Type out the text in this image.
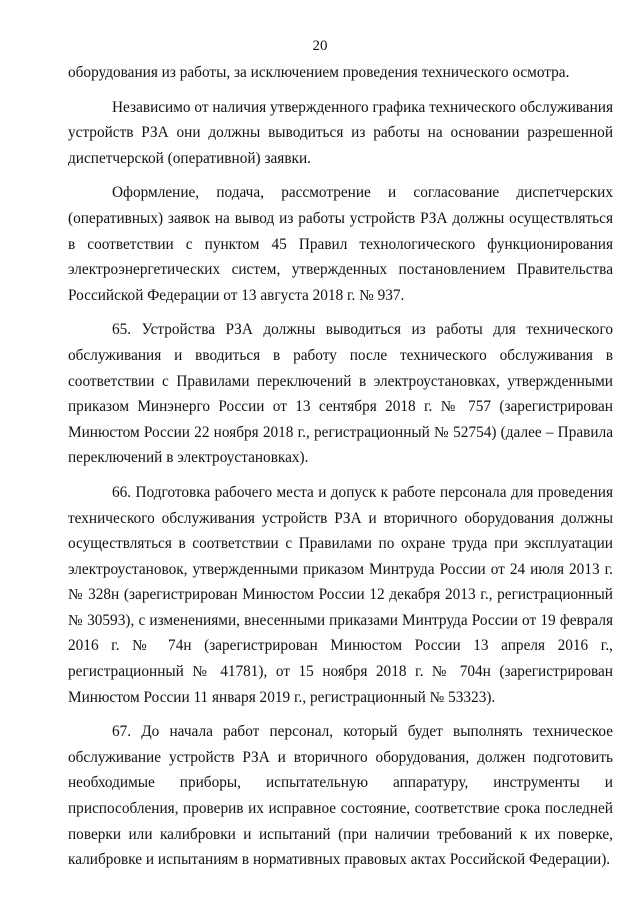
20

оборудования из работы, за исключением проведения технического осмотра.

Независимо от наличия утвержденного графика технического обслуживания устройств РЗА они должны выводиться из работы на основании разрешенной диспетчерской (оперативной) заявки.

Оформление, подача, рассмотрение и согласование диспетчерских (оперативных) заявок на вывод из работы устройств РЗА должны осуществляться в соответствии с пунктом 45 Правил технологического функционирования электроэнергетических систем, утвержденных постановлением Правительства Российской Федерации от 13 августа 2018 г. № 937.

65. Устройства РЗА должны выводиться из работы для технического обслуживания и вводиться в работу после технического обслуживания в соответствии с Правилами переключений в электроустановках, утвержденными приказом Минэнерго России от 13 сентября 2018 г. № 757 (зарегистрирован Минюстом России 22 ноября 2018 г., регистрационный № 52754) (далее – Правила переключений в электроустановках).

66. Подготовка рабочего места и допуск к работе персонала для проведения технического обслуживания устройств РЗА и вторичного оборудования должны осуществляться в соответствии с Правилами по охране труда при эксплуатации электроустановок, утвержденными приказом Минтруда России от 24 июля 2013 г. № 328н (зарегистрирован Минюстом России 12 декабря 2013 г., регистрационный № 30593), с изменениями, внесенными приказами Минтруда России от 19 февраля 2016 г. № 74н (зарегистрирован Минюстом России 13 апреля 2016 г., регистрационный № 41781), от 15 ноября 2018 г. № 704н (зарегистрирован Минюстом России 11 января 2019 г., регистрационный № 53323).

67. До начала работ персонал, который будет выполнять техническое обслуживание устройств РЗА и вторичного оборудования, должен подготовить необходимые приборы, испытательную аппаратуру, инструменты и приспособления, проверив их исправное состояние, соответствие срока последней поверки или калибровки и испытаний (при наличии требований к их поверке, калибровке и испытаниям в нормативных правовых актах Российской Федерации).
